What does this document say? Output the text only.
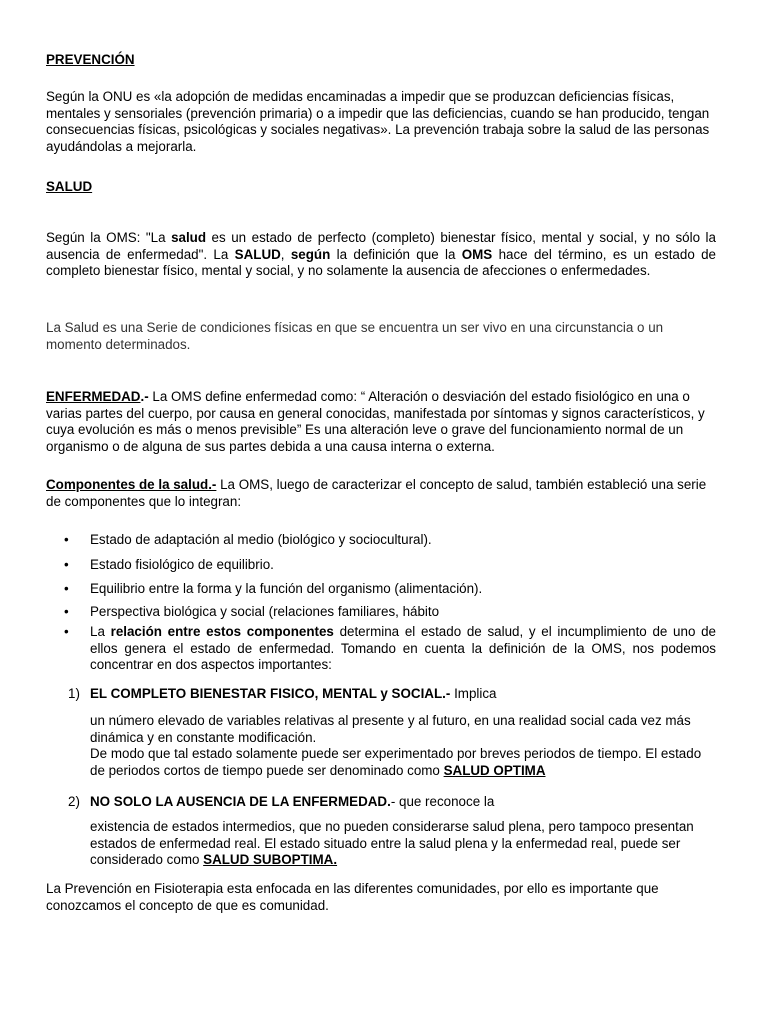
PREVENCIÓN
Según la ONU es «la adopción de medidas encaminadas a impedir que se produzcan deficiencias físicas, mentales y sensoriales (prevención primaria) o a impedir que las deficiencias, cuando se han producido, tengan consecuencias físicas, psicológicas y sociales negativas». La prevención trabaja sobre la salud de las personas ayudándolas a mejorarla.
SALUD
Según la OMS: "La salud es un estado de perfecto (completo) bienestar físico, mental y social, y no sólo la ausencia de enfermedad". La SALUD, según la definición que la OMS hace del término, es un estado de completo bienestar físico, mental y social, y no solamente la ausencia de afecciones o enfermedades.
La Salud es una Serie de condiciones físicas en que se encuentra un ser vivo en una circunstancia o un momento determinados.
ENFERMEDAD.- La OMS define enfermedad como: “ Alteración o desviación del estado fisiológico en una o varias partes del cuerpo, por causa en general conocidas, manifestada por síntomas y signos característicos, y cuya evolución es más o menos previsible” Es una alteración leve o grave del funcionamiento normal de un organismo o de alguna de sus partes debida a una causa interna o externa.
Componentes de la salud.- La OMS, luego de caracterizar el concepto de salud, también estableció una serie de componentes que lo integran:
• Estado de adaptación al medio (biológico y sociocultural).
• Estado fisiológico de equilibrio.
• Equilibrio entre la forma y la función del organismo (alimentación).
• Perspectiva biológica y social (relaciones familiares, hábito
• La relación entre estos componentes determina el estado de salud, y el incumplimiento de uno de ellos genera el estado de enfermedad. Tomando en cuenta la definición de la OMS, nos podemos concentrar en dos aspectos importantes:
1) EL COMPLETO BIENESTAR FISICO, MENTAL y SOCIAL.- Implica
un número elevado de variables relativas al presente y al futuro, en una realidad social cada vez más dinámica y en constante modificación.
De modo que tal estado solamente puede ser experimentado por breves periodos de tiempo. El estado de periodos cortos de tiempo puede ser denominado como SALUD OPTIMA
2) NO SOLO LA AUSENCIA DE LA ENFERMEDAD.- que reconoce la
existencia de estados intermedios, que no pueden considerarse salud plena, pero tampoco presentan estados de enfermedad real. El estado situado entre la salud plena y la enfermedad real, puede ser considerado como SALUD SUBOPTIMA.
La Prevención en Fisioterapia esta enfocada en las diferentes comunidades, por ello es importante que conozcamos el concepto de que es comunidad.
